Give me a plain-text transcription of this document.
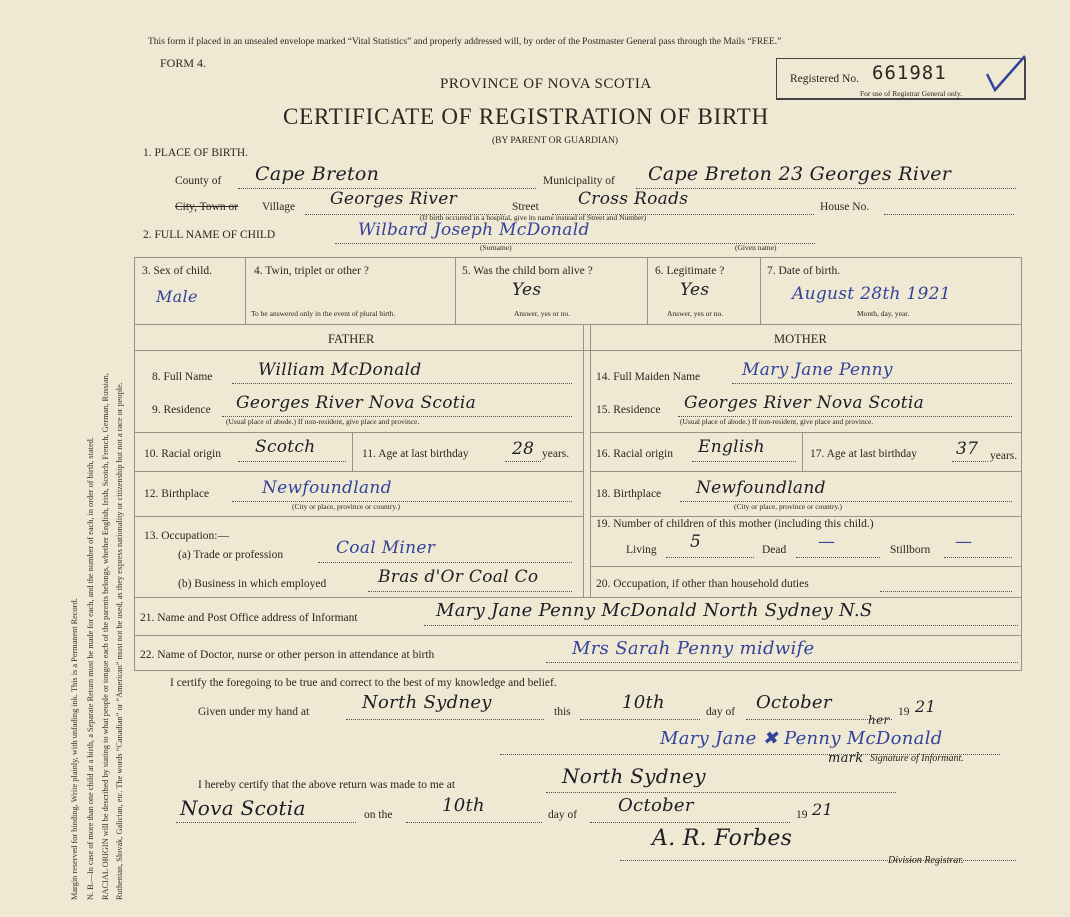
Margin reserved for binding. Write plainly, with unfading ink. This is a Permanent Record. N. B.—In case of more than one child at a birth, a Separate Return must be made for each, and the number of each, in order of birth, stated. RACIAL ORIGIN will be described by stating to what people or tongue each of the parents belongs, whether English, Irish, Scotch, French, German, Russian, Ruthenian, Slovak, Galician, etc. The words “Canadian” or “American” must not be used, as they express nationality or citizenship but not a race or people.
This form if placed in an unsealed envelope marked “Vital Statistics” and properly addressed will, by order of the Postmaster General pass through the Mails “FREE.”
FORM 4.
PROVINCE OF NOVA SCOTIA
CERTIFICATE OF REGISTRATION OF BIRTH
(BY PARENT OR GUARDIAN)
Registered No. 661981
For use of Registrar General only.
1. PLACE OF BIRTH.
County of Cape Breton	Municipality of Cape Breton 23 Georges River
City, Town or Village Georges River	Street Cross Roads	House No.
(If birth occurred in a hospital, give its name instead of Street and Number)
2. FULL NAME OF CHILD	Wilbard Joseph McDonald
(Surname)	(Given name)
3. Sex of child.
Male
4. Twin, triplet or other ?
To be answered only in the event of plural birth.
5. Was the child born alive ?
Yes
Answer, yes or no.
6. Legitimate ?
Yes
Answer, yes or no.
7. Date of birth.
August 28th 1921
Month, day, year.
FATHER	MOTHER
8. Full Name	William McDonald
9. Residence Georges River Nova Scotia
(Usual place of abode.) If non-resident, give place and province.
10. Racial origin Scotch	11. Age at last birthday	28 years.
12. Birthplace	Newfoundland
(City or place, province or country.)
13. Occupation:—
(a) Trade or profession	Coal Miner
(b) Business in which employed	Bras d'Or Coal Co
14. Full Maiden Name Mary Jane Penny
15. Residence Georges River Nova Scotia
(Usual place of abode.) If non-resident, give place and province.
16. Racial origin English	17. Age at last birthday 37 years.
18. Birthplace Newfoundland
(City or place, province or country.)
19. Number of children of this mother (including this child.)
Living 5	Dead —	Stillborn —
20. Occupation, if other than household duties
21. Name and Post Office address of Informant	Mary Jane Penny McDonald North Sydney N.S
22. Name of Doctor, nurse or other person in attendance at birth	Mrs Sarah Penny midwife
I certify the foregoing to be true and correct to the best of my knowledge and belief.
Given under my hand at	North Sydney	this	10th	day of October	19 21
her
Mary Jane ✖ Penny McDonald
mark Signature of Informant.
I hereby certify that the above return was made to me at	North Sydney
Nova Scotia	on the	10th	day of October	19 21
A. R. Forbes
Division Registrar.
